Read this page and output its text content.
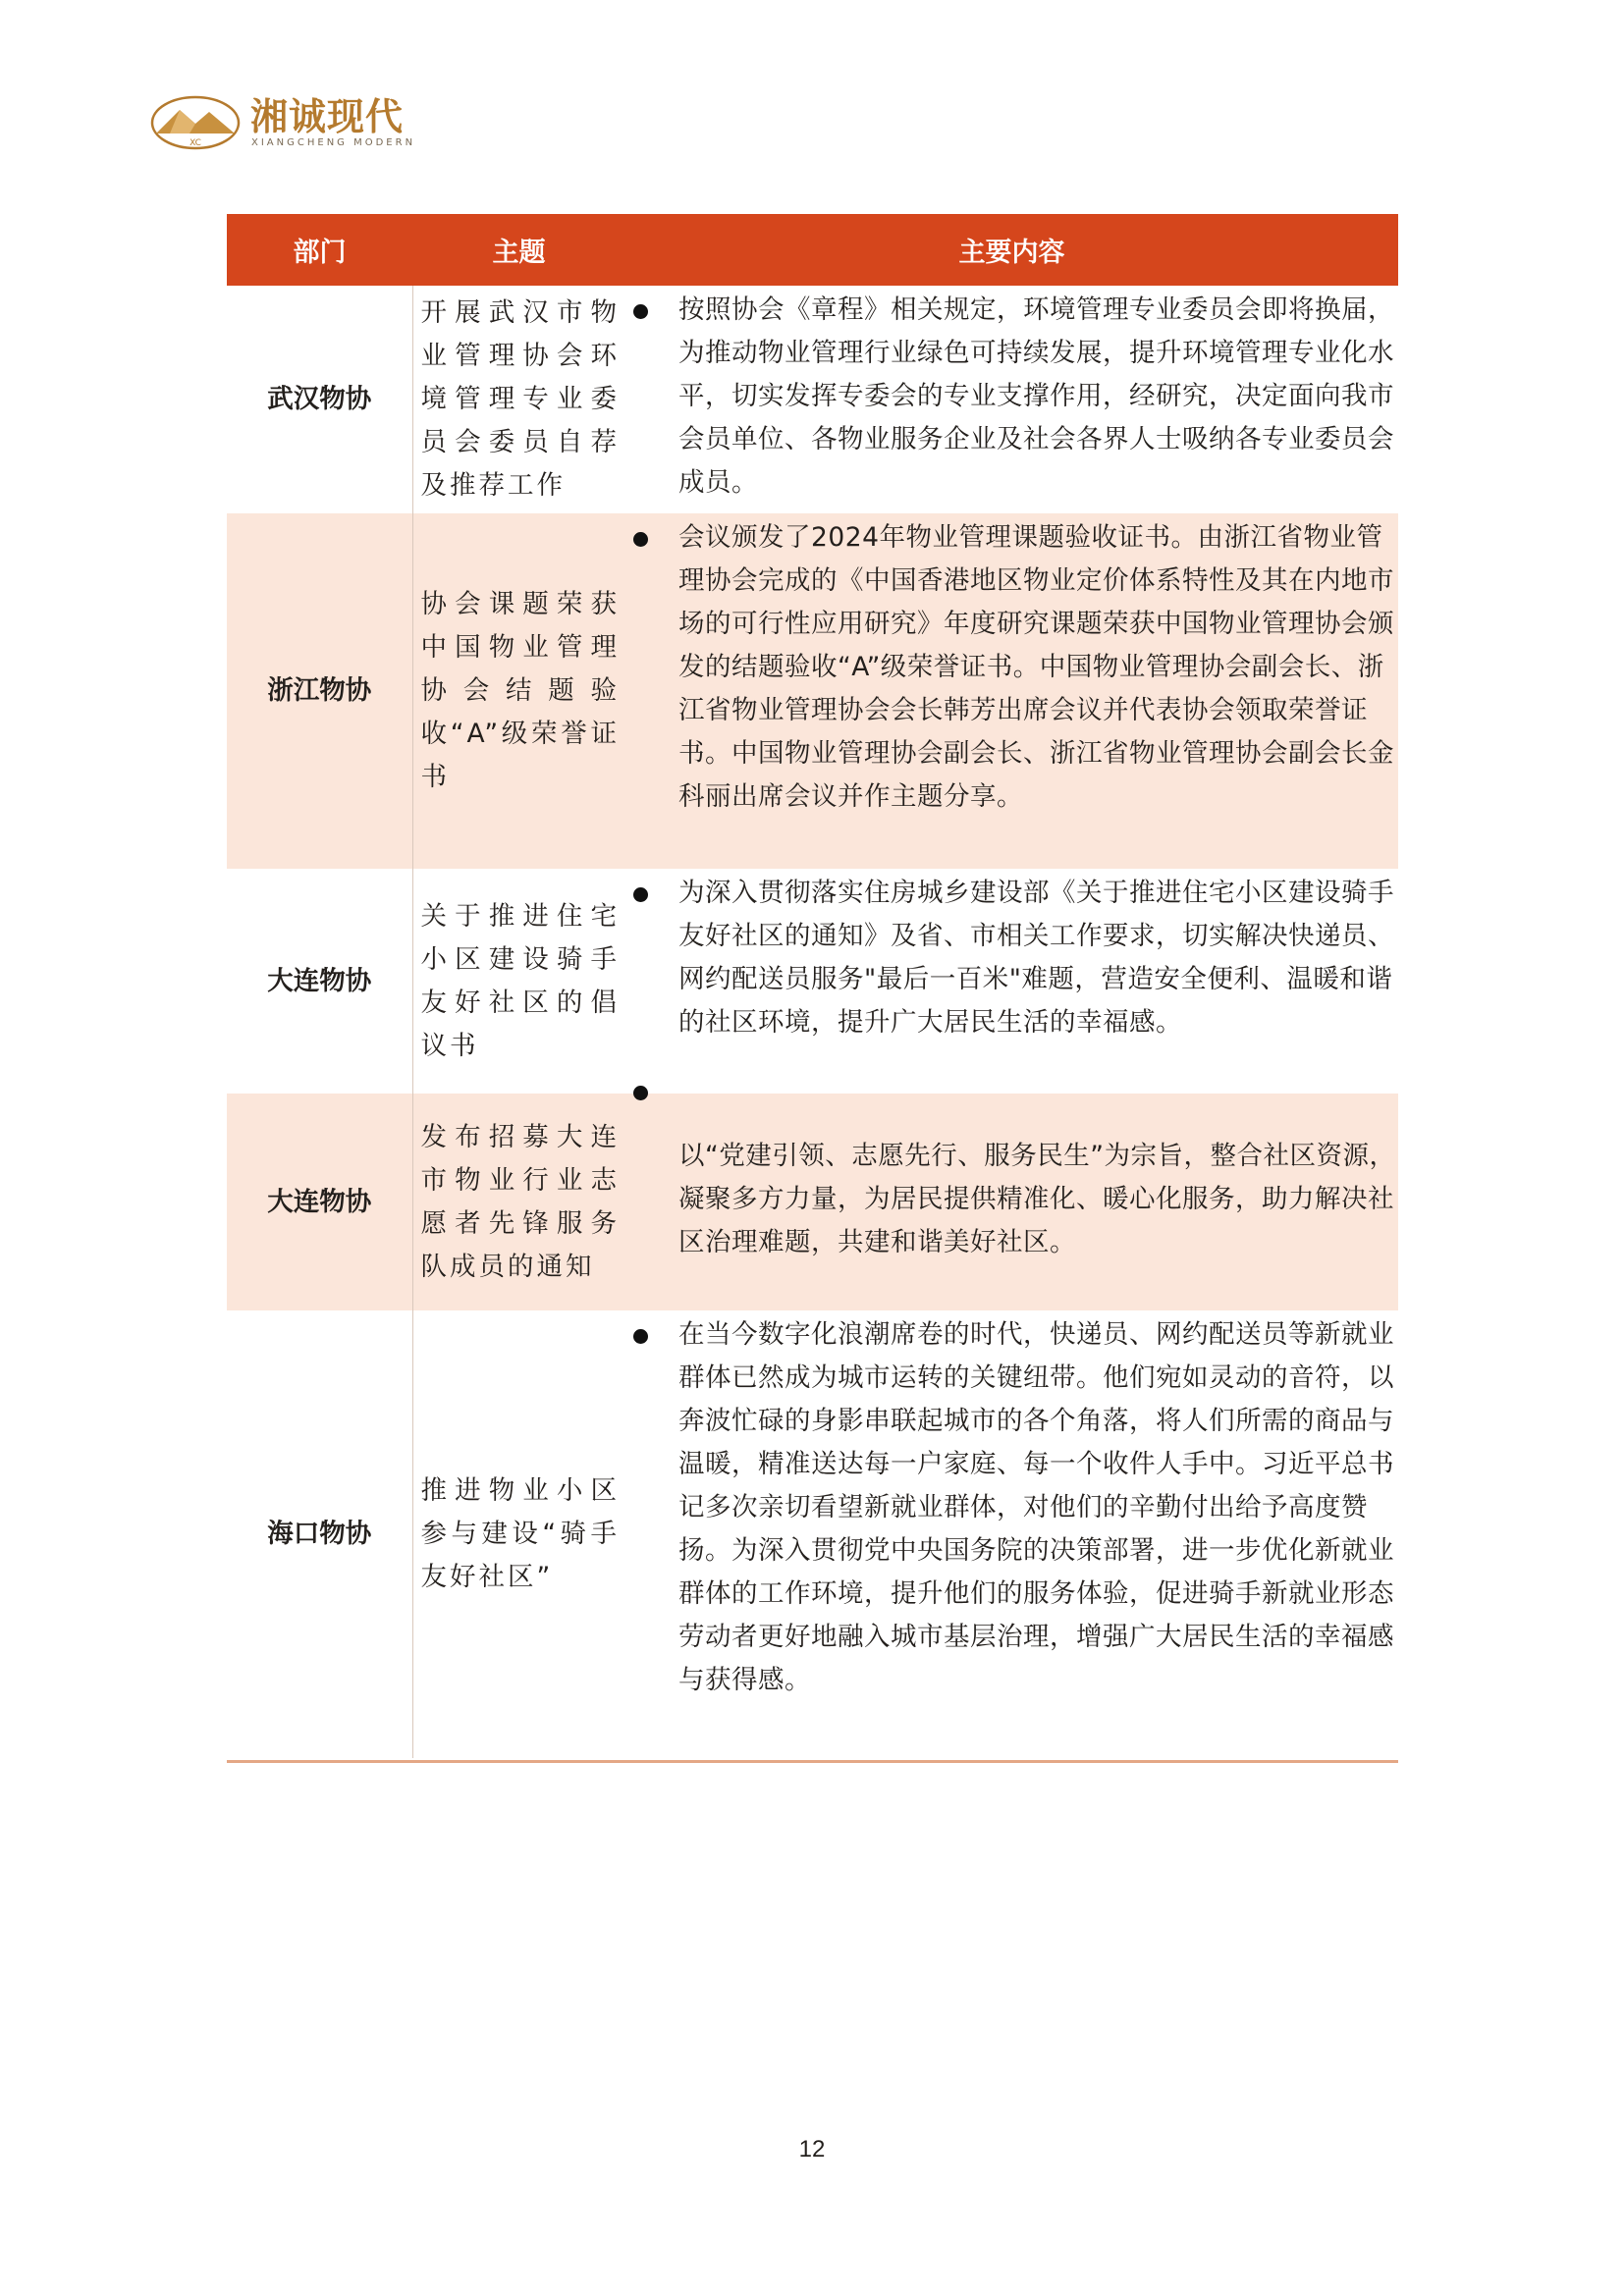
XC
湘诚现代
XIANGCHENG MODERN
部门	主题	主要内容	
武汉物协	开展武汉市物业管理协会环境管理专业委员会委员自荐及推荐工作		按照协会《章程》相关规定，环境管理专业委员会即将换届，为推动物业管理行业绿色可持续发展，提升环境管理专业化水平，切实发挥专委会的专业支撑作用，经研究，决定面向我市会员单位、各物业服务企业及社会各界人士吸纳各专业委员会成员。
浙江物协	协会课题荣获中国物业管理协会结题验收“A”级荣誉证书		会议颁发了2024年物业管理课题验收证书。由浙江省物业管理协会完成的《中国香港地区物业定价体系特性及其在内地市场的可行性应用研究》年度研究课题荣获中国物业管理协会颁发的结题验收“A”级荣誉证书。中国物业管理协会副会长、浙江省物业管理协会会长韩芳出席会议并代表协会领取荣誉证书。中国物业管理协会副会长、浙江省物业管理协会副会长金科丽出席会议并作主题分享。
大连物协	关于推进住宅小区建设骑手友好社区的倡议书		为深入贯彻落实住房城乡建设部《关于推进住宅小区建设骑手友好社区的通知》及省、市相关工作要求，切实解决快递员、网约配送员服务"最后一百米"难题，营造安全便利、温暖和谐的社区环境，提升广大居民生活的幸福感。
大连物协	发布招募大连市物业行业志愿者先锋服务队成员的通知		以“党建引领、志愿先行、服务民生”为宗旨，整合社区资源，凝聚多方力量，为居民提供精准化、暖心化服务，助力解决社区治理难题，共建和谐美好社区。
海口物协	推进物业小区参与建设“骑手友好社区”		在当今数字化浪潮席卷的时代，快递员、网约配送员等新就业群体已然成为城市运转的关键纽带。他们宛如灵动的音符，以奔波忙碌的身影串联起城市的各个角落，将人们所需的商品与温暖，精准送达每一户家庭、每一个收件人手中。习近平总书记多次亲切看望新就业群体，对他们的辛勤付出给予高度赞扬。为深入贯彻党中央国务院的决策部署，进一步优化新就业群体的工作环境，提升他们的服务体验，促进骑手新就业形态劳动者更好地融入城市基层治理，增强广大居民生活的幸福感与获得感。
12
